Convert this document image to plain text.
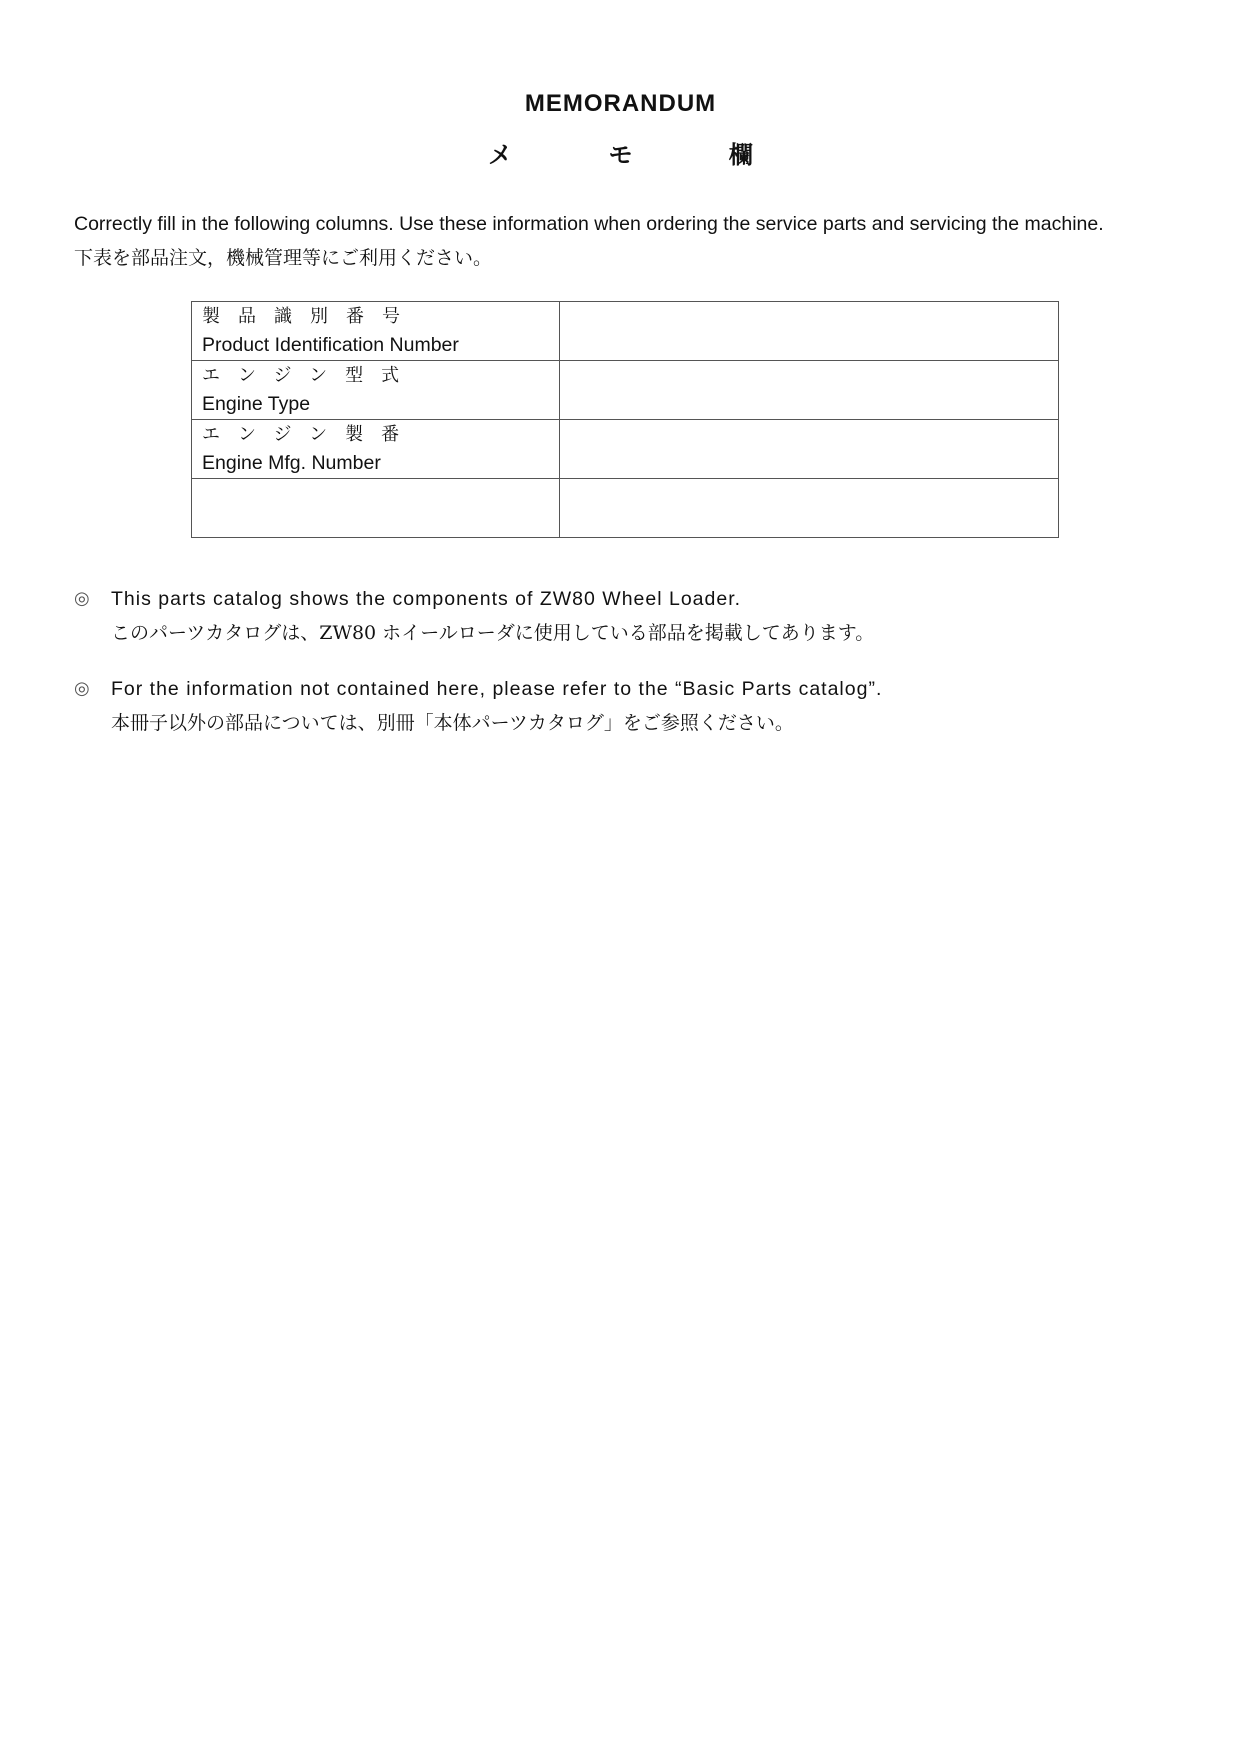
MEMORANDUM
メ モ 欄
Correctly fill in the following columns. Use these information when ordering the service parts and servicing the machine.
下表を部品注文，機械管理等にご利用ください。
製品識別番号
Product Identification Number	

エンジン型式
Engine Type	

エンジン製番
Engine Mfg. Number	

◎ This parts catalog shows the components of ZW80 Wheel Loader.
このパーツカタログは、ZW80 ホイールローダに使用している部品を掲載してあります。
◎ For the information not contained here, please refer to the “Basic Parts catalog”.
本冊子以外の部品については、別冊「本体パーツカタログ」をご参照ください。
